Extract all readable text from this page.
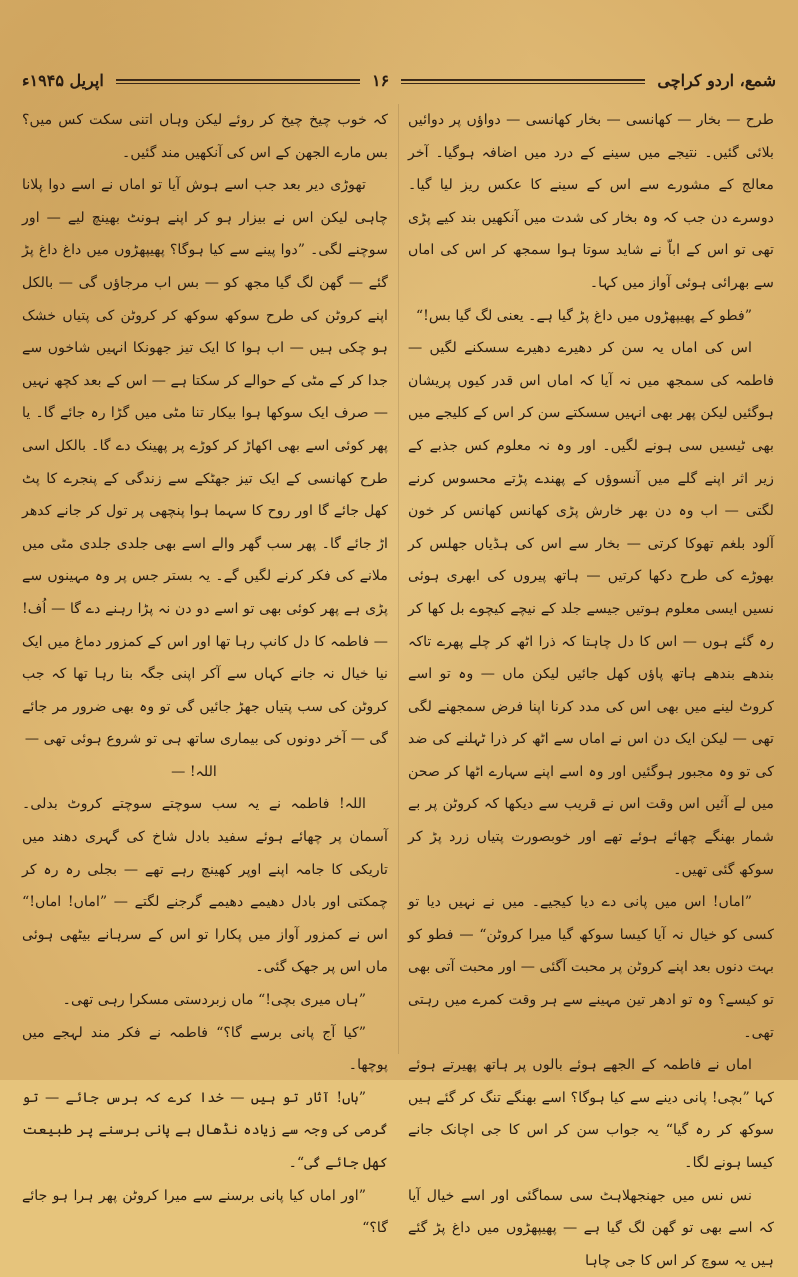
شمع، اردو کراچی
۱۶
اپریل ۱۹۴۵ء

طرح — بخار — کھانسی — بخار کھانسی — دواؤں پر دوائیں بلائی گئیں۔ نتیجے میں سینے کے درد میں اضافہ ہوگیا۔ آخر معالج کے مشورے سے اس کے سینے کا عکس ریز لیا گیا۔ دوسرے دن جب کہ وہ بخار کی شدت میں آنکھیں بند کیے پڑی تھی تو اس کے اباّ نے شاید سوتا ہوا سمجھ کر اس کی اماں سے بھرائی ہوئی آواز میں کہا۔

”فطو کے پھیپھڑوں میں داغ پڑ گیا ہے۔ یعنی لگ گیا بس!“

اس کی اماں یہ سن کر دھیرے دھیرے سسکنے لگیں — فاطمہ کی سمجھ میں نہ آیا کہ اماں اس قدر کیوں پریشان ہوگئیں لیکن پھر بھی انہیں سسکتے سن کر اس کے کلیجے میں بھی ٹیسیں سی ہونے لگیں۔ اور وہ نہ معلوم کس جذبے کے زیر اثر اپنے گلے میں آنسوؤں کے پھندے پڑتے محسوس کرنے لگتی — اب وہ دن بھر خارش پڑی کھانس کھانس کر خون آلود بلغم تھوکا کرتی — بخار سے اس کی ہڈیاں جھلس کر بھوڑے کی طرح دکھا کرتیں — ہاتھ پیروں کی ابھری ہوئی نسیں ایسی معلوم ہوتیں جیسے جلد کے نیچے کیچوے بل کھا کر رہ گئے ہوں — اس کا دل چاہتا کہ ذرا اٹھ کر چلے پھرے تاکہ بندھے بندھے ہاتھ پاؤں کھل جائیں لیکن ماں — وہ تو اسے کروٹ لینے میں بھی اس کی مدد کرنا اپنا فرض سمجھنے لگی تھی — لیکن ایک دن اس نے اماں سے اٹھ کر ذرا ٹہلنے کی ضد کی تو وہ مجبور ہوگئیں اور وہ اسے اپنے سہارے اٹھا کر صحن میں لے آئیں اس وقت اس نے قریب سے دیکھا کہ کروٹن پر بے شمار بھنگے چھائے ہوئے تھے اور خوبصورت پتیاں زرد پڑ کر سوکھ گئی تھیں۔

”اماں! اس میں پانی دے دیا کیجیے۔ میں نے نہیں دیا تو کسی کو خیال نہ آیا کیسا سوکھ گیا میرا کروٹن“ — فطو کو بہت دنوں بعد اپنے کروٹن پر محبت آگئی — اور محبت آتی بھی تو کیسے؟ وہ تو ادھر تین مہینے سے ہر وقت کمرے میں رہتی تھی۔

اماں نے فاطمہ کے الجھے ہوئے بالوں پر ہاتھ پھیرتے ہوئے کہا ”بچی! پانی دینے سے کیا ہوگا؟ اسے بھنگے تنگ کر گئے ہیں سوکھ کر رہ گیا“ یہ جواب سن کر اس کا جی اچانک جانے کیسا ہونے لگا۔

نس نس میں جھنجھلاہٹ سی سماگئی اور اسے خیال آیا کہ اسے بھی تو گھن لگ گیا ہے — پھیپھڑوں میں داغ پڑ گئے ہیں یہ سوچ کر اس کا جی چاہا

کہ خوب چیخ چیخ کر روئے لیکن وہاں اتنی سکت کس میں؟ بس مارے الجھن کے اس کی آنکھیں مند گئیں۔

تھوڑی دیر بعد جب اسے ہوش آیا تو اماں نے اسے دوا پلانا چاہی لیکن اس نے بیزار ہو کر اپنے ہونٹ بھینچ لیے — اور سوچنے لگی۔ ”دوا پینے سے کیا ہوگا؟ پھیپھڑوں میں داغ داغ پڑ گئے — گھن لگ گیا مجھ کو — بس اب مرجاؤں گی — بالکل اپنے کروٹن کی طرح سوکھ سوکھ کر کروٹن کی پتیاں خشک ہو چکی ہیں — اب ہوا کا ایک تیز جھونکا انہیں شاخوں سے جدا کر کے مٹی کے حوالے کر سکتا ہے — اس کے بعد کچھ نہیں — صرف ایک سوکھا ہوا بیکار تنا مٹی میں گڑا رہ جائے گا۔ یا پھر کوئی اسے بھی اکھاڑ کر کوڑے پر پھینک دے گا۔ بالکل اسی طرح کھانسی کے ایک تیز جھٹکے سے زندگی کے پنجرے کا پٹ کھل جائے گا اور روح کا سہما ہوا پنچھی پر تول کر جانے کدھر اڑ جائے گا۔ پھر سب گھر والے اسے بھی جلدی جلدی مٹی میں ملانے کی فکر کرنے لگیں گے۔ یہ بستر جس پر وہ مہینوں سے پڑی ہے پھر کوئی بھی تو اسے دو دن نہ پڑا رہنے دے گا — اُف! — فاطمہ کا دل کانپ رہا تھا اور اس کے کمزور دماغ میں ایک نیا خیال نہ جانے کہاں سے آکر اپنی جگہ بنا رہا تھا کہ جب کروٹن کی سب پتیاں جھڑ جائیں گی تو وہ بھی ضرور مر جائے گی — آخر دونوں کی بیماری ساتھ ہی تو شروع ہوئی تھی —

اللہ! —

اللہ! فاطمہ نے یہ سب سوچتے سوچتے کروٹ بدلی۔ آسمان پر چھائے ہوئے سفید بادل شاخ کی گہری دھند میں تاریکی کا جامہ اپنے اوپر کھینچ رہے تھے — بجلی رہ رہ کر چمکتی اور بادل دھیمے دھیمے گرجنے لگتے — ”اماں! اماں!“ اس نے کمزور آواز میں پکارا تو اس کے سرہانے بیٹھی ہوئی ماں اس پر جھک گئی۔

”ہاں میری بچی!“ ماں زبردستی مسکرا رہی تھی۔

”کیا آج پانی برسے گا؟“ فاطمہ نے فکر مند لہجے میں پوچھا۔

”ہاں! آثار تو ہیں — خدا کرے کہ برس جائے — تو گرمی کی وجہ سے زیادہ نڈھال ہے پانی برسنے پر طبیعت کھل جائے گی“۔

”اور اماں کیا پانی برسنے سے میرا کروٹن پھر ہرا ہو جائے گا؟“
